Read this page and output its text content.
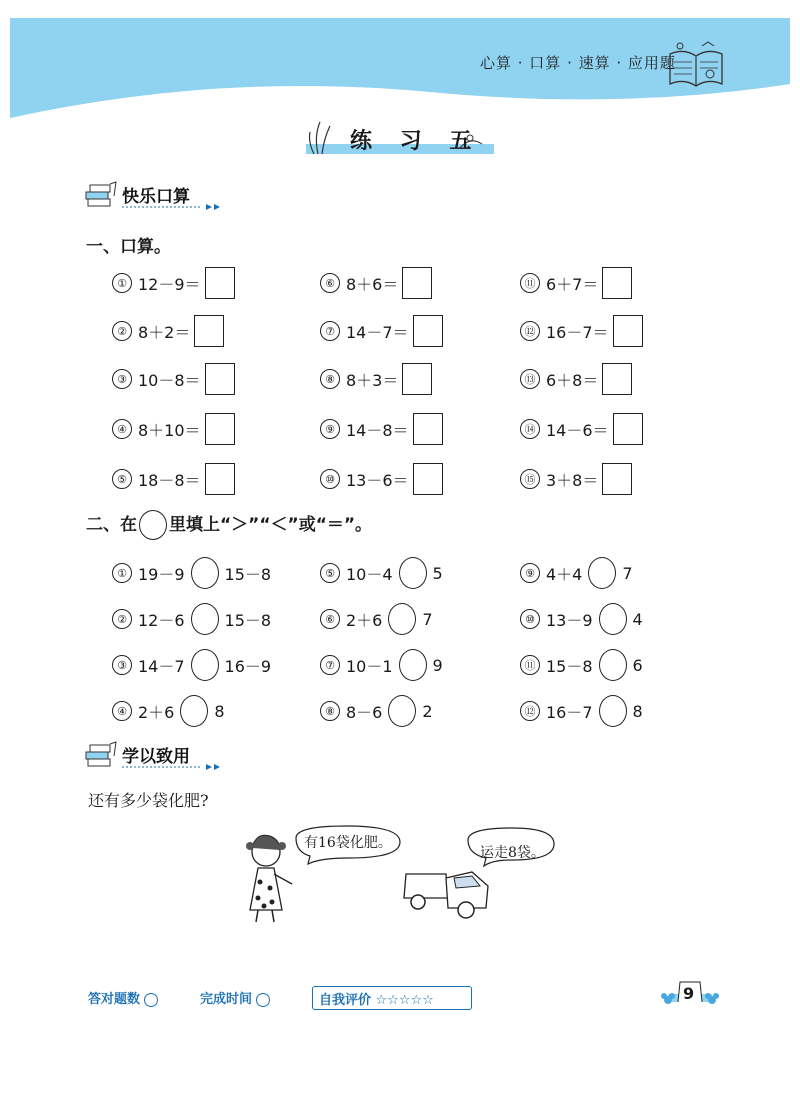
心算 · 口算 · 速算 · 应用题
练 习 五
快乐口算
一、口算。
① 12－9＝
② 8＋2＝
③ 10－8＝
④ 8＋10＝
⑤ 18－8＝
⑥ 8＋6＝
⑦ 14－7＝
⑧ 8＋3＝
⑨ 14－8＝
⑩ 13－6＝
⑪ 6＋7＝
⑫ 16－7＝
⑬ 6＋8＝
⑭ 14－6＝
⑮ 3＋8＝
二、在 里填上“＞”“＜”或“＝”。
① 19－9	15－8
② 12－6	15－8
③ 14－7	16－9
④ 2＋6	8
⑤ 10－4	5
⑥ 2＋6	7
⑦ 10－1	9
⑧ 8－6	2
⑨ 4＋4	7
⑩ 13－9	4
⑪ 15－8	6
⑫ 16－7	8
学以致用
还有多少袋化肥?
有16袋化肥。
运走8袋。
答对题数	完成时间	自我评价 ☆☆☆☆☆	9
